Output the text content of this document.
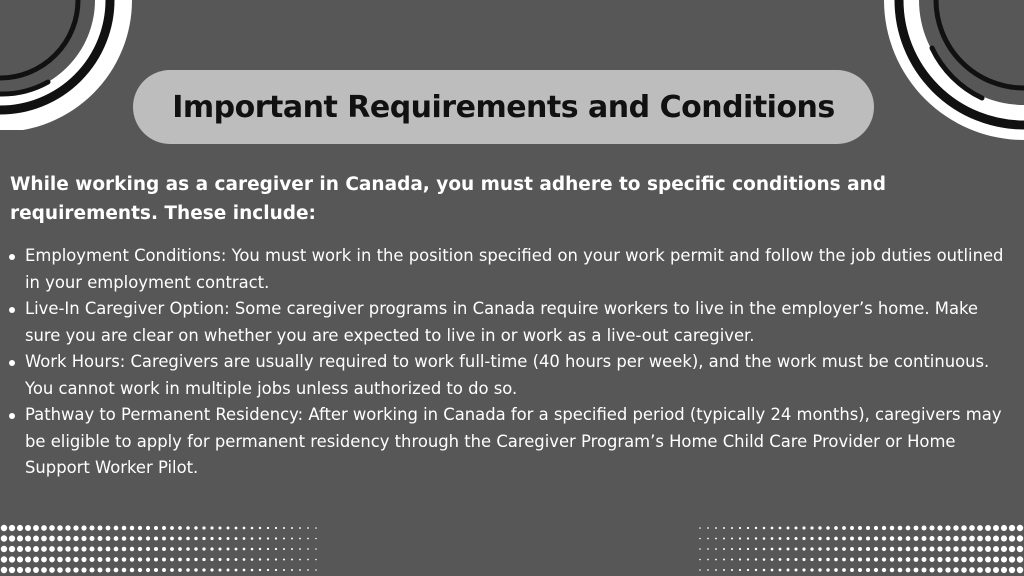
Important Requirements and Conditions
While working as a caregiver in Canada, you must adhere to specific conditions and requirements. These include:
Employment Conditions: You must work in the position specified on your work permit and follow the job duties outlined in your employment contract.
Live-In Caregiver Option: Some caregiver programs in Canada require workers to live in the employer’s home. Make sure you are clear on whether you are expected to live in or work as a live-out caregiver.
Work Hours: Caregivers are usually required to work full-time (40 hours per week), and the work must be continuous. You cannot work in multiple jobs unless authorized to do so.
Pathway to Permanent Residency: After working in Canada for a specified period (typically 24 months), caregivers may be eligible to apply for permanent residency through the Caregiver Program’s Home Child Care Provider or Home Support Worker Pilot.
